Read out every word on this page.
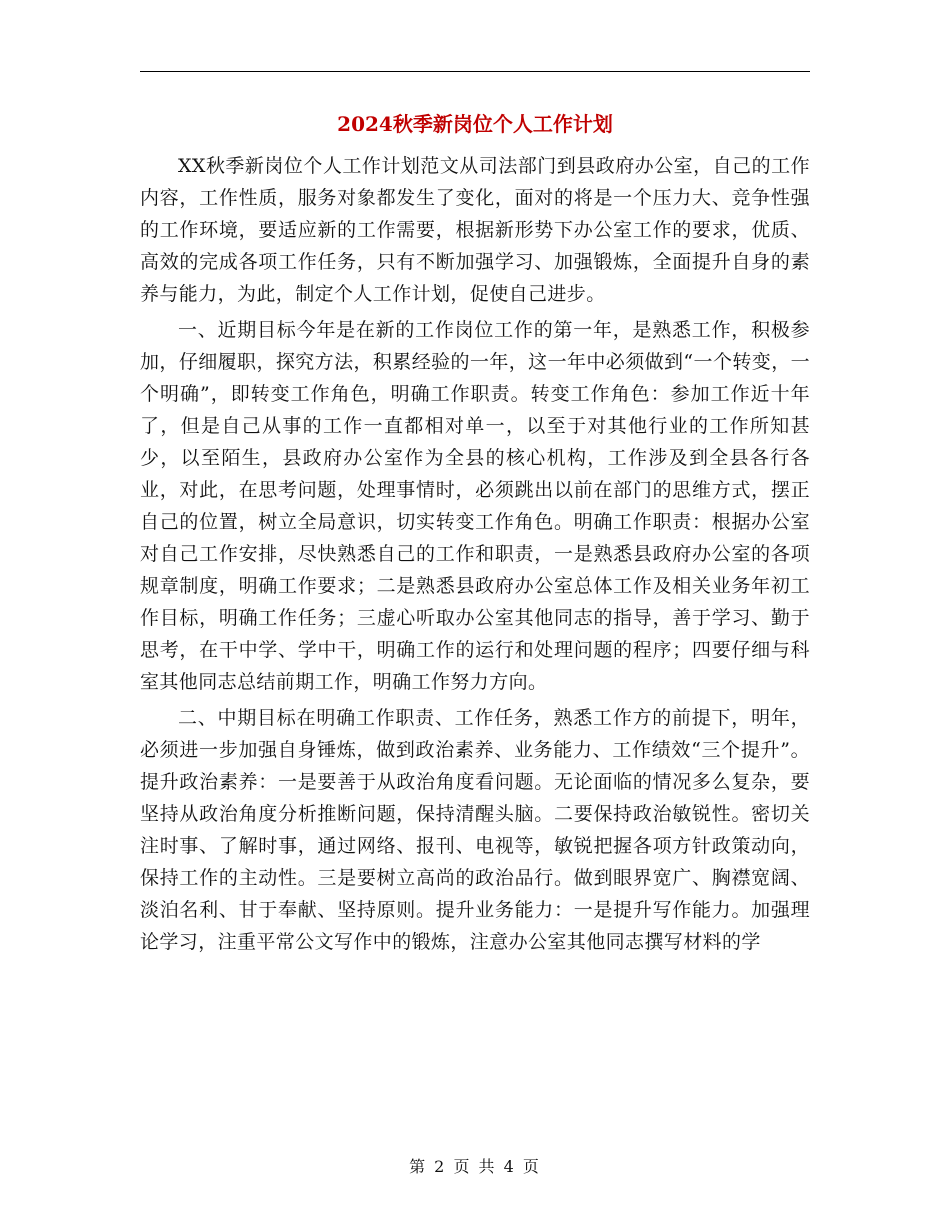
2024秋季新岗位个人工作计划

XX秋季新岗位个人工作计划范文从司法部门到县政府办公室，自己的工作内容，工作性质，服务对象都发生了变化，面对的将是一个压力大、竞争性强的工作环境，要适应新的工作需要，根据新形势下办公室工作的要求，优质、高效的完成各项工作任务，只有不断加强学习、加强锻炼，全面提升自身的素养与能力，为此，制定个人工作计划，促使自己进步。

一、近期目标今年是在新的工作岗位工作的第一年，是熟悉工作，积极参加，仔细履职，探究方法，积累经验的一年，这一年中必须做到“一个转变，一个明确”，即转变工作角色，明确工作职责。转变工作角色：参加工作近十年了，但是自己从事的工作一直都相对单一，以至于对其他行业的工作所知甚少，以至陌生，县政府办公室作为全县的核心机构，工作涉及到全县各行各业，对此，在思考问题，处理事情时，必须跳出以前在部门的思维方式，摆正自己的位置，树立全局意识，切实转变工作角色。明确工作职责：根据办公室对自己工作安排，尽快熟悉自己的工作和职责，一是熟悉县政府办公室的各项规章制度，明确工作要求；二是熟悉县政府办公室总体工作及相关业务年初工作目标，明确工作任务；三虚心听取办公室其他同志的指导，善于学习、勤于思考，在干中学、学中干，明确工作的运行和处理问题的程序；四要仔细与科室其他同志总结前期工作，明确工作努力方向。

二、中期目标在明确工作职责、工作任务，熟悉工作方的前提下，明年，必须进一步加强自身锤炼，做到政治素养、业务能力、工作绩效“三个提升”。提升政治素养：一是要善于从政治角度看问题。无论面临的情况多么复杂，要坚持从政治角度分析推断问题，保持清醒头脑。二要保持政治敏锐性。密切关注时事、了解时事，通过网络、报刊、电视等，敏锐把握各项方针政策动向，保持工作的主动性。三是要树立高尚的政治品行。做到眼界宽广、胸襟宽阔、淡泊名利、甘于奉献、坚持原则。提升业务能力：一是提升写作能力。加强理论学习，注重平常公文写作中的锻炼，注意办公室其他同志撰写材料的学

第 2 页 共 4 页
